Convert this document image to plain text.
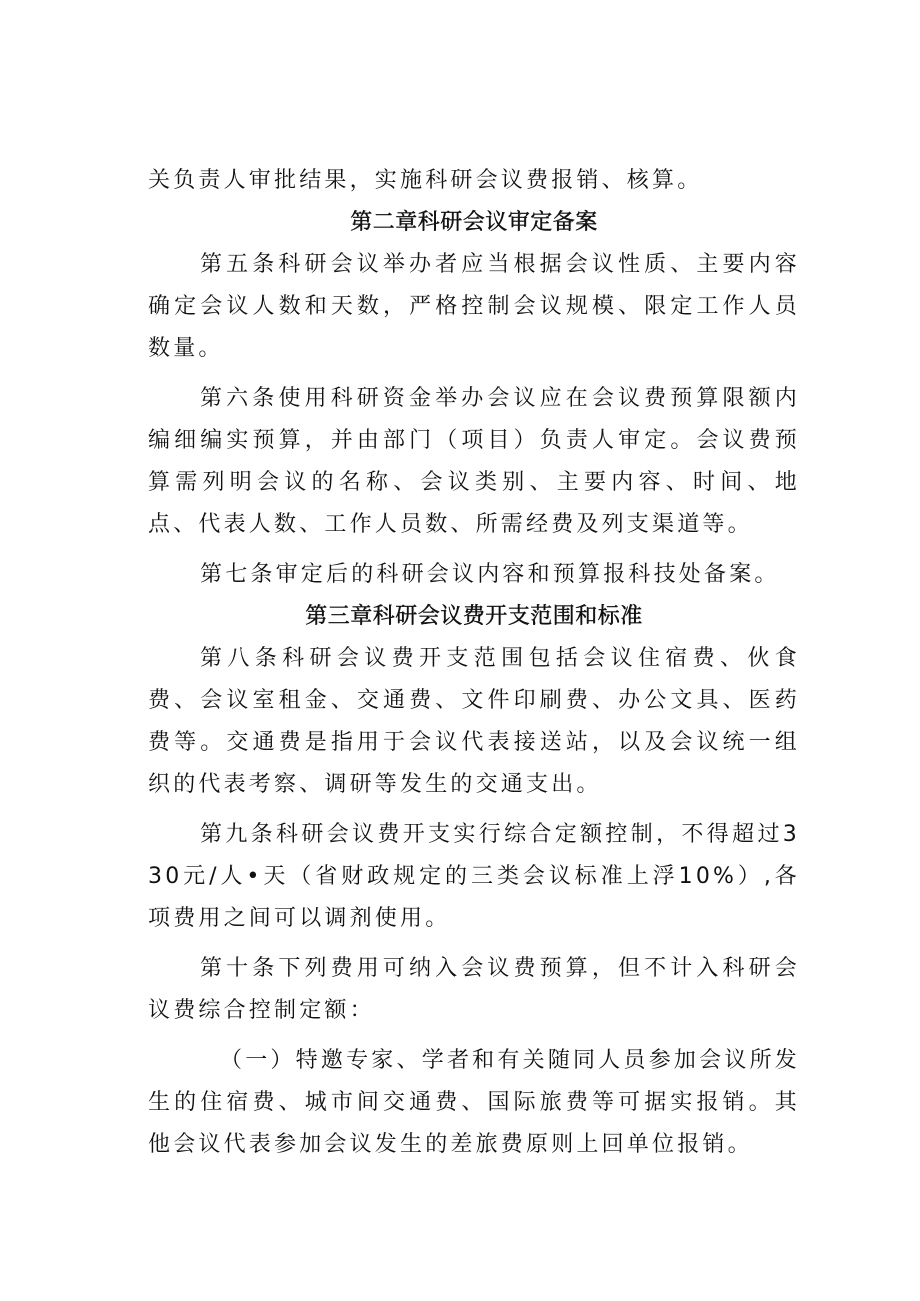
关负责人审批结果，实施科研会议费报销、核算。

第二章科研会议审定备案

第五条科研会议举办者应当根据会议性质、主要内容确定会议人数和天数，严格控制会议规模、限定工作人员数量。

第六条使用科研资金举办会议应在会议费预算限额内编细编实预算，并由部门（项目）负责人审定。会议费预算需列明会议的名称、会议类别、主要内容、时间、地点、代表人数、工作人员数、所需经费及列支渠道等。

第七条审定后的科研会议内容和预算报科技处备案。

第三章科研会议费开支范围和标准

第八条科研会议费开支范围包括会议住宿费、伙食费、会议室租金、交通费、文件印刷费、办公文具、医药费等。交通费是指用于会议代表接送站，以及会议统一组织的代表考察、调研等发生的交通支出。

第九条科研会议费开支实行综合定额控制，不得超过330元/人•天（省财政规定的三类会议标准上浮10%）,各项费用之间可以调剂使用。

第十条下列费用可纳入会议费预算，但不计入科研会议费综合控制定额：

（一）特邀专家、学者和有关随同人员参加会议所发生的住宿费、城市间交通费、国际旅费等可据实报销。其他会议代表参加会议发生的差旅费原则上回单位报销。
